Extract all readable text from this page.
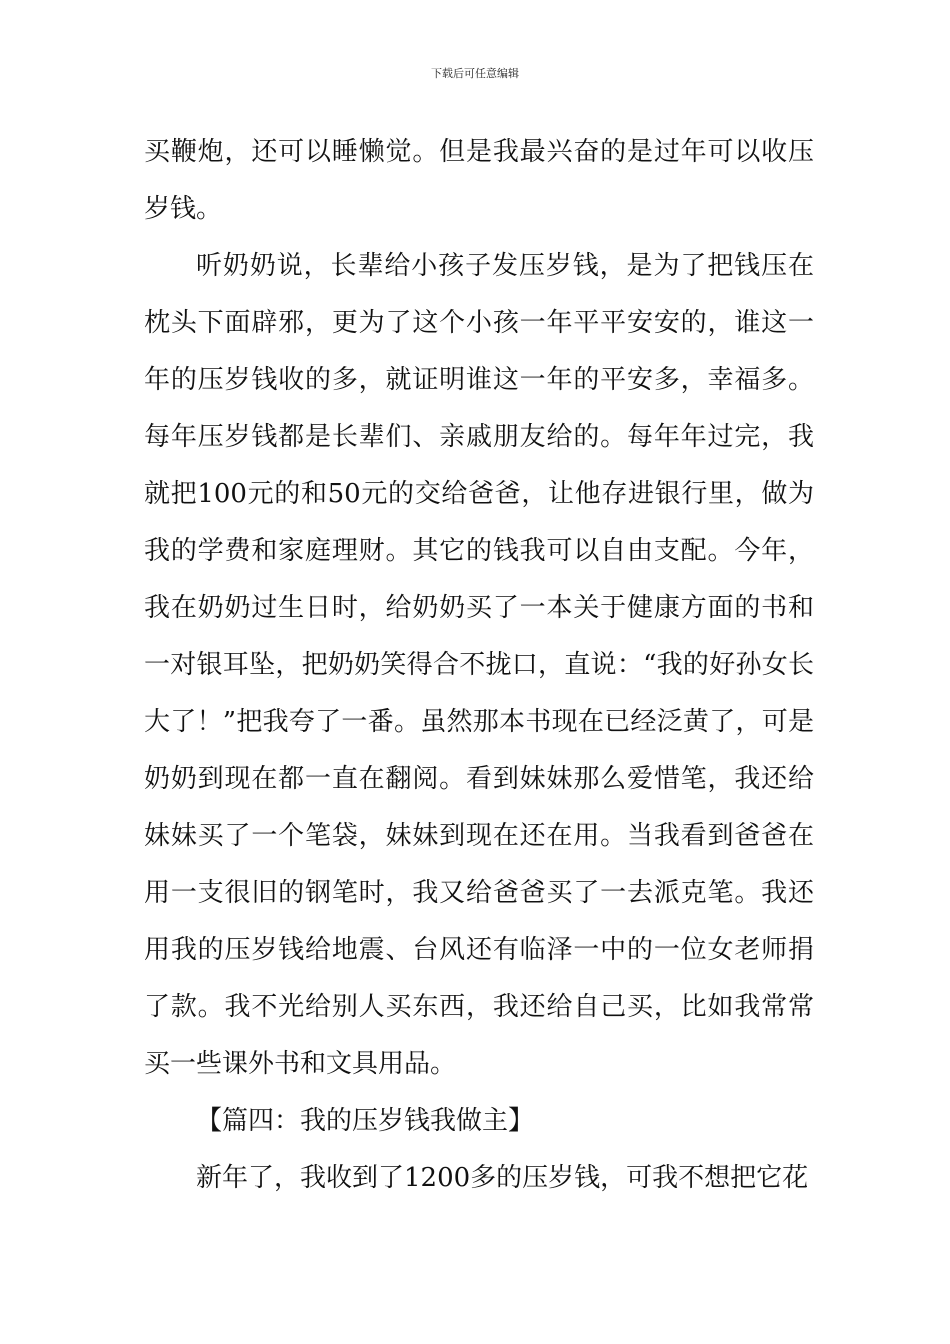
下载后可任意编辑

买鞭炮，还可以睡懒觉。但是我最兴奋的是过年可以收压岁钱。

听奶奶说，长辈给小孩子发压岁钱，是为了把钱压在枕头下面辟邪，更为了这个小孩一年平平安安的，谁这一年的压岁钱收的多，就证明谁这一年的平安多，幸福多。每年压岁钱都是长辈们、亲戚朋友给的。每年年过完，我就把100元的和50元的交给爸爸，让他存进银行里，做为我的学费和家庭理财。其它的钱我可以自由支配。今年，我在奶奶过生日时，给奶奶买了一本关于健康方面的书和一对银耳坠，把奶奶笑得合不拢口，直说：“我的好孙女长大了！”把我夸了一番。虽然那本书现在已经泛黄了，可是奶奶到现在都一直在翻阅。看到妹妹那么爱惜笔，我还给妹妹买了一个笔袋，妹妹到现在还在用。当我看到爸爸在用一支很旧的钢笔时，我又给爸爸买了一去派克笔。我还用我的压岁钱给地震、台风还有临泽一中的一位女老师捐了款。我不光给别人买东西，我还给自己买，比如我常常买一些课外书和文具用品。

【篇四：我的压岁钱我做主】

新年了，我收到了1200多的压岁钱，可我不想把它花
